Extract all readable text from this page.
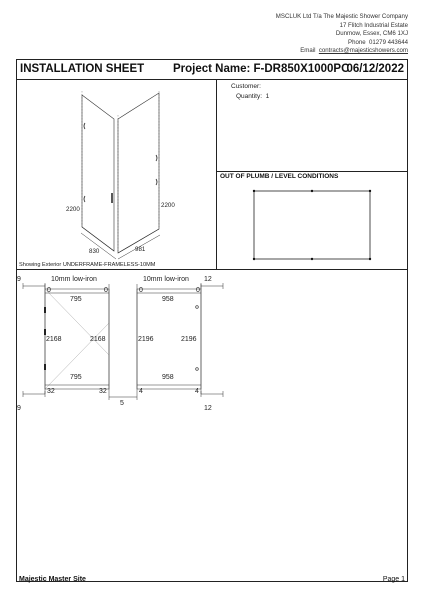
MSCLUK Ltd T/a The Majestic Shower Company
17 Flitch Industrial Estate
Dunmow, Essex, CM6 1XJ
Phone 01279 443644
Email contracts@majesticshowers.com
INSTALLATION SHEET	Project Name: F-DR850X1000PC
06/12/2022
Customer:
Quantity: 1
OUT OF PLUMB / LEVEL CONDITIONS
2200
2200
830	981
Showing Exterior UNDERFRAME-FRAMELESS-10MM
10mm low-iron
9
9
0	0
795
2168	2168
795
32	32
10mm low-iron 12
12
5
0	0
958
2196	2196
958
4	4
Majestic Master Site	Page 1
